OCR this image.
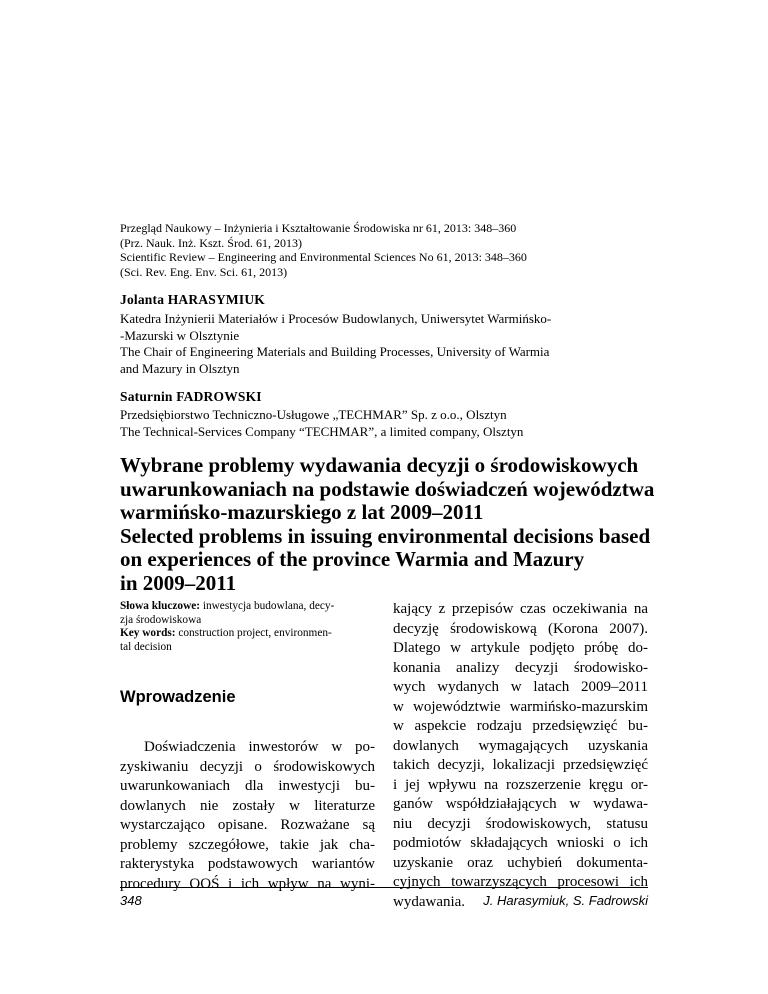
Przegląd Naukowy – Inżynieria i Kształtowanie Środowiska nr 61, 2013: 348–360
(Prz. Nauk. Inż. Kszt. Środ. 61, 2013)
Scientific Review – Engineering and Environmental Sciences No 61, 2013: 348–360
(Sci. Rev. Eng. Env. Sci. 61, 2013)
Jolanta HARASYMIUK
Katedra Inżynierii Materiałów i Procesów Budowlanych, Uniwersytet Warmińsko-
-Mazurski w Olsztynie
The Chair of Engineering Materials and Building Processes, University of Warmia
and Mazury in Olsztyn
Saturnin FADROWSKI
Przedsiębiorstwo Techniczno-Usługowe „TECHMAR” Sp. z o.o., Olsztyn
The Technical-Services Company “TECHMAR”, a limited company, Olsztyn
Wybrane problemy wydawania decyzji o środowiskowych
uwarunkowaniach na podstawie doświadczeń województwa
warmińsko-mazurskiego z lat 2009–2011
Selected problems in issuing environmental decisions based
on experiences of the province Warmia and Mazury
in 2009–2011
Słowa kluczowe: inwestycja budowlana, decy-
zja środowiskowa
Key words: construction project, environmen-
tal decision
Wprowadzenie
Doświadczenia inwestorów w po-
zyskiwaniu decyzji o środowiskowych
uwarunkowaniach dla inwestycji bu-
dowlanych nie zostały w literaturze
wystarczająco opisane. Rozważane są
problemy szczegółowe, takie jak cha-
rakterystyka podstawowych wariantów
procedury OOŚ i ich wpływ na wyni-
kający z przepisów czas oczekiwania na
decyzję środowiskową (Korona 2007).
Dlatego w artykule podjęto próbę do-
konania analizy decyzji środowisko-
wych wydanych w latach 2009–2011
w województwie warmińsko-mazurskim
w aspekcie rodzaju przedsięwzięć bu-
dowlanych wymagających uzyskania
takich decyzji, lokalizacji przedsięwzięć
i jej wpływu na rozszerzenie kręgu or-
ganów współdziałających w wydawa-
niu decyzji środowiskowych, statusu
podmiotów składających wnioski o ich
uzyskanie oraz uchybień dokumenta-
cyjnych towarzyszących procesowi ich
wydawania.
348	J. Harasymiuk, S. Fadrowski
